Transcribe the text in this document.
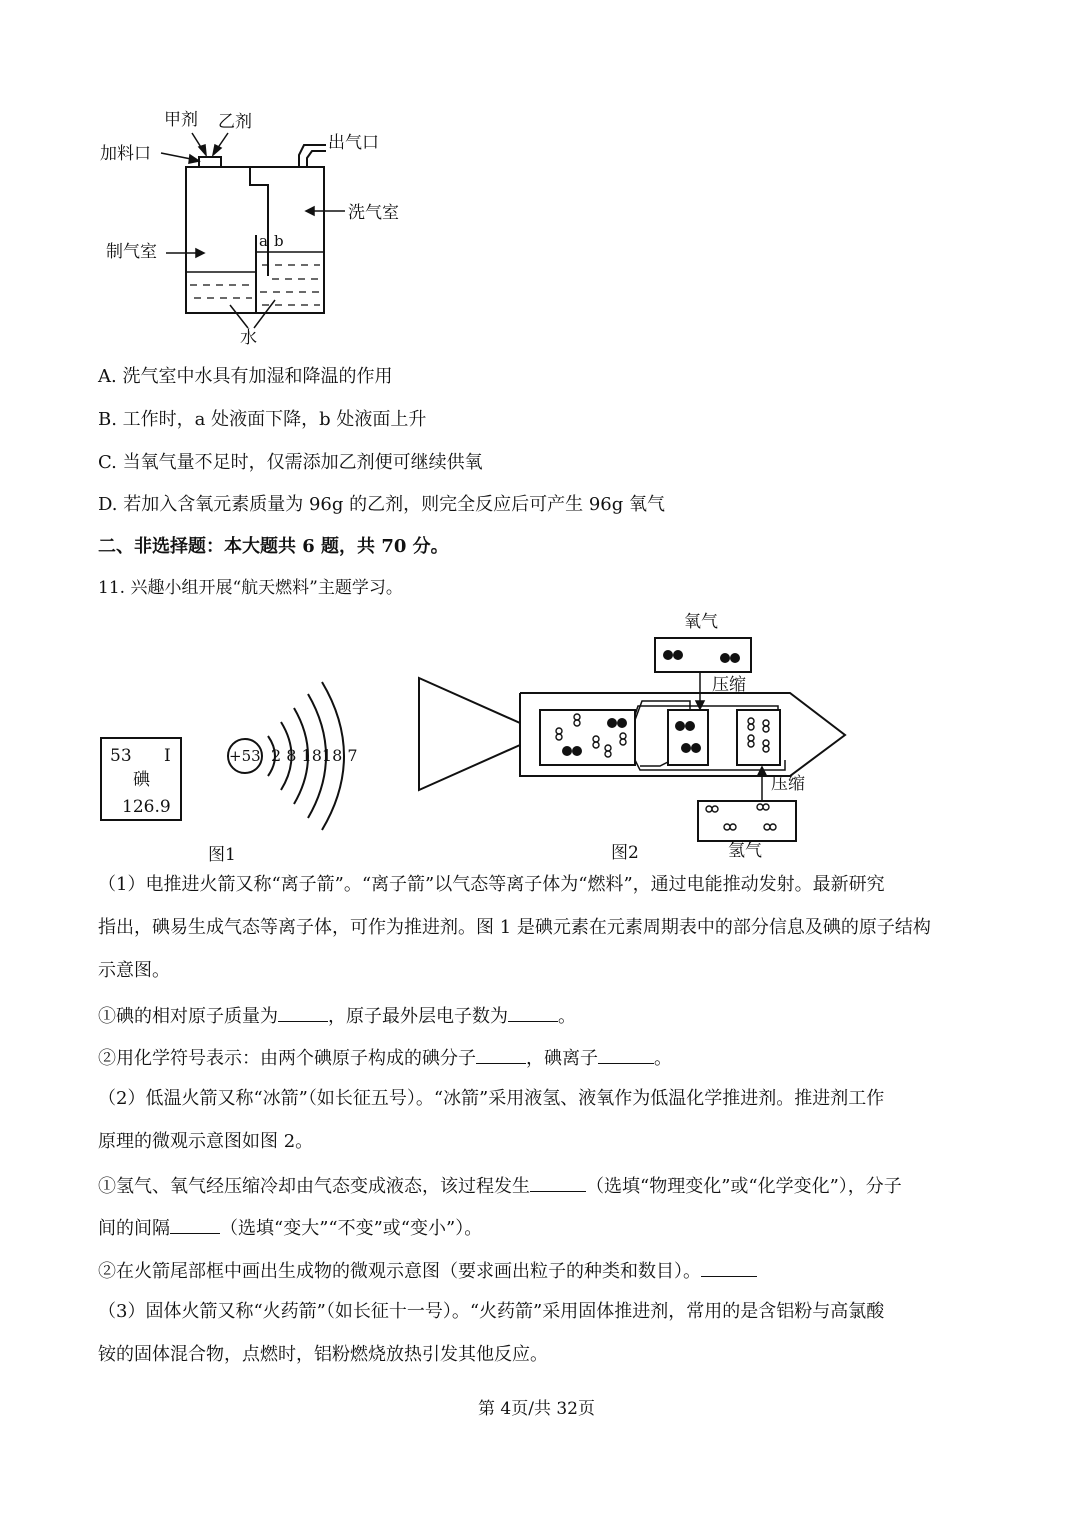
甲剂 乙剂
加料口
出气口
洗气室
制气室
a b
水
A. 洗气室中水具有加湿和降温的作用
B. 工作时，a 处液面下降，b 处液面上升
C. 当氧气量不足时，仅需添加乙剂便可继续供氧
D. 若加入含氧元素质量为 96g 的乙剂，则完全反应后可产生 96g 氧气
二、非选择题：本大题共 6 题，共 70 分。
11. 兴趣小组开展“航天燃料”主题学习。
53 I
碘
126.9
+53 2 8 1818 7
图1
氧气
压缩
压缩
氢气
图2
（1）电推进火箭又称“离子箭”。“离子箭”以气态等离子体为“燃料”，通过电能推动发射。最新研究
指出，碘易生成气态等离子体，可作为推进剂。图 1 是碘元素在元素周期表中的部分信息及碘的原子结构
示意图。
①碘的相对原子质量为	，原子最外层电子数为	。
②用化学符号表示：由两个碘原子构成的碘分子	，碘离子	。
（2）低温火箭又称“冰箭”（如长征五号）。“冰箭”采用液氢、液氧作为低温化学推进剂。推进剂工作
原理的微观示意图如图 2。
①氢气、氧气经压缩冷却由气态变成液态，该过程发生	（选填“物理变化”或“化学变化”），分子
间的间隔	（选填“变大”“不变”或“变小”）。
②在火箭尾部框中画出生成物的微观示意图（要求画出粒子的种类和数目）。
（3）固体火箭又称“火药箭”（如长征十一号）。“火药箭”采用固体推进剂，常用的是含铝粉与高氯酸
铵的固体混合物，点燃时，铝粉燃烧放热引发其他反应。
第 4页/共 32页
